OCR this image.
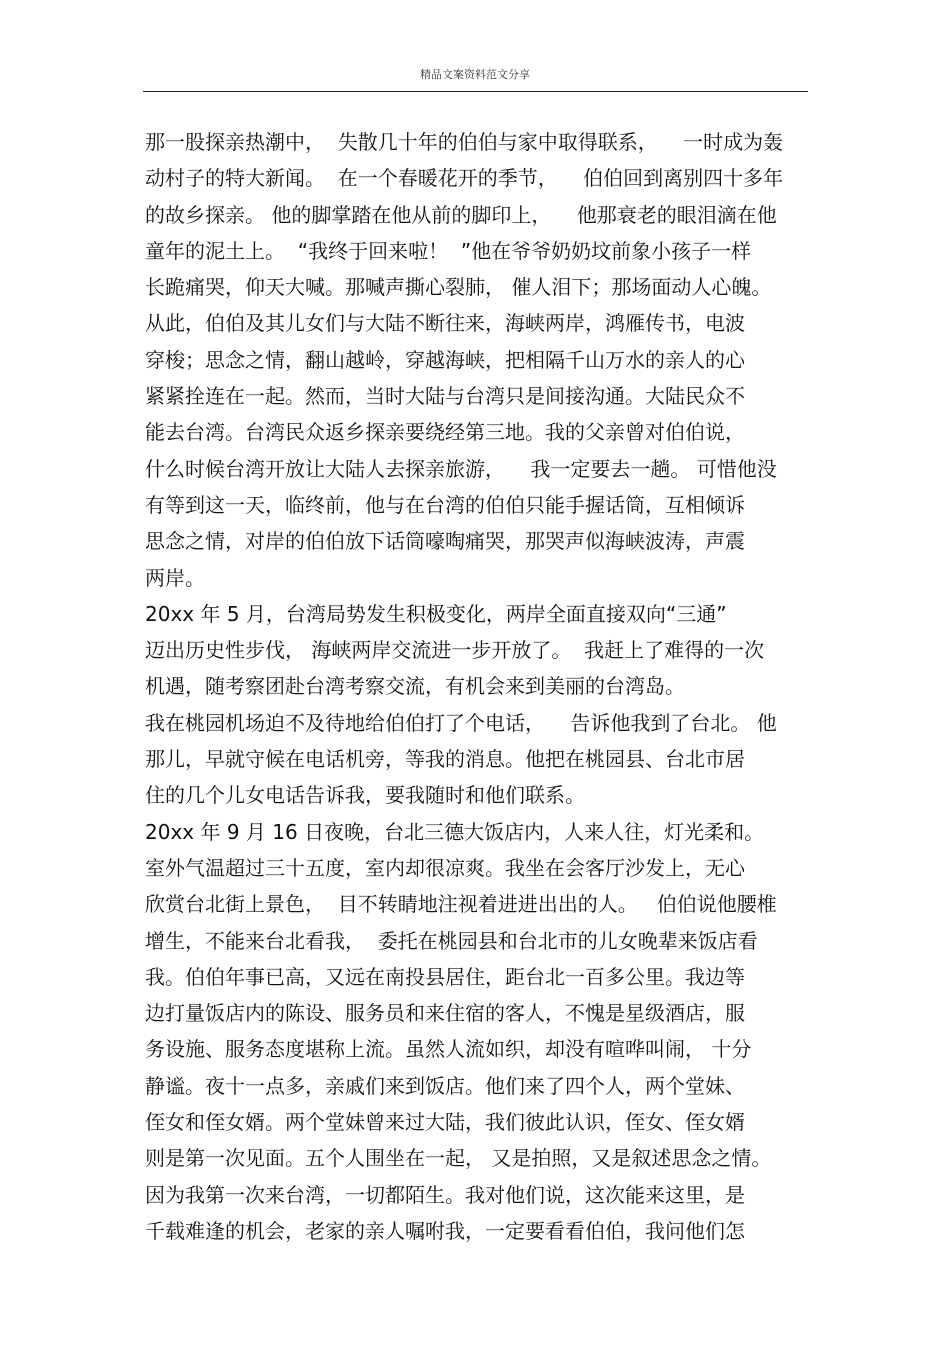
精品文案资料范文分享
那一股探亲热潮中，  失散几十年的伯伯与家中取得联系，    一时成为轰
动村子的特大新闻。  在一个春暖花开的季节，    伯伯回到离别四十多年
的故乡探亲。 他的脚掌踏在他从前的脚印上，    他那衰老的眼泪滴在他
童年的泥土上。  “我终于回来啦！  ”他在爷爷奶奶坟前象小孩子一样
长跪痛哭，仰天大喊。那喊声撕心裂肺， 催人泪下；那场面动人心魄。
从此，伯伯及其儿女们与大陆不断往来，海峡两岸，鸿雁传书，电波
穿梭；思念之情，翻山越岭，穿越海峡，把相隔千山万水的亲人的心
紧紧拴连在一起。然而，当时大陆与台湾只是间接沟通。大陆民众不
能去台湾。台湾民众返乡探亲要绕经第三地。我的父亲曾对伯伯说，
什么时候台湾开放让大陆人去探亲旅游，    我一定要去一趟。 可惜他没
有等到这一天，临终前，他与在台湾的伯伯只能手握话筒，互相倾诉
思念之情，对岸的伯伯放下话筒嚎啕痛哭，那哭声似海峡波涛，声震
两岸。
20xx 年 5 月，台湾局势发生积极变化，两岸全面直接双向“三通”
迈出历史性步伐， 海峡两岸交流进一步开放了。  我赶上了难得的一次
机遇，随考察团赴台湾考察交流，有机会来到美丽的台湾岛。
我在桃园机场迫不及待地给伯伯打了个电话，    告诉他我到了台北。 他
那儿，早就守候在电话机旁，等我的消息。他把在桃园县、台北市居
住的几个儿女电话告诉我，要我随时和他们联系。
20xx 年 9 月 16 日夜晚，台北三德大饭店内，人来人往，灯光柔和。
室外气温超过三十五度，室内却很凉爽。我坐在会客厅沙发上，无心
欣赏台北街上景色，  目不转睛地注视着进进出出的人。   伯伯说他腰椎
增生，不能来台北看我，  委托在桃园县和台北市的儿女晚辈来饭店看
我。伯伯年事已高，又远在南投县居住，距台北一百多公里。我边等
边打量饭店内的陈设、服务员和来住宿的客人，不愧是星级酒店，服
务设施、服务态度堪称上流。虽然人流如织，却没有喧哗叫闹， 十分
静谧。夜十一点多，亲戚们来到饭店。他们来了四个人，两个堂妹、
侄女和侄女婿。两个堂妹曾来过大陆，我们彼此认识，侄女、侄女婿
则是第一次见面。五个人围坐在一起， 又是拍照，又是叙述思念之情。
因为我第一次来台湾，一切都陌生。我对他们说，这次能来这里，是
千载难逢的机会，老家的亲人嘱咐我，一定要看看伯伯，我问他们怎
